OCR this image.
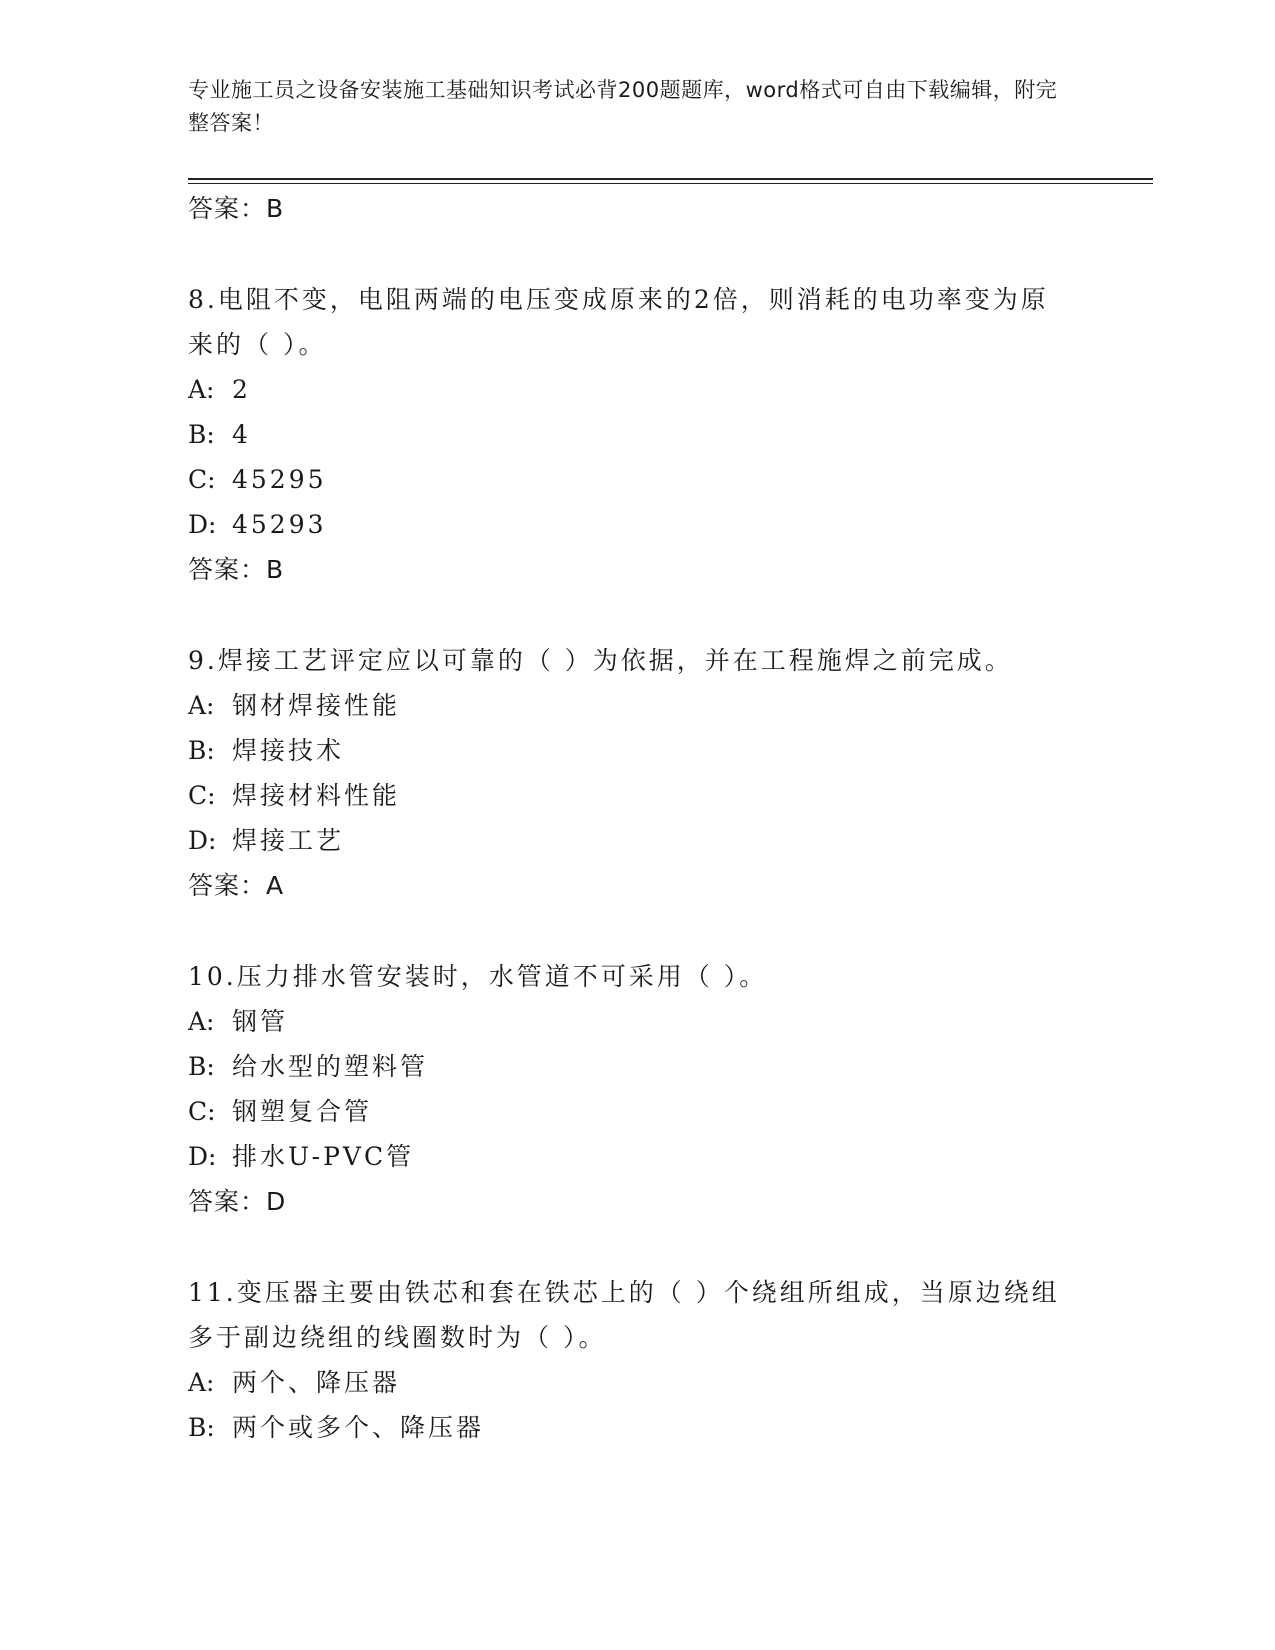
专业施工员之设备安装施工基础知识考试必背200题题库，word格式可自由下载编辑，附完整答案！
答案：B
8.电阻不变，电阻两端的电压变成原来的2倍，则消耗的电功率变为原来的（ ）。
A: 2
B: 4
C: 45295
D: 45293
答案：B
9.焊接工艺评定应以可靠的（ ）为依据，并在工程施焊之前完成。
A: 钢材焊接性能
B: 焊接技术
C: 焊接材料性能
D: 焊接工艺
答案：A
10.压力排水管安装时，水管道不可采用（ ）。
A: 钢管
B: 给水型的塑料管
C: 钢塑复合管
D: 排水U-PVC管
答案：D
11.变压器主要由铁芯和套在铁芯上的（ ）个绕组所组成，当原边绕组多于副边绕组的线圈数时为（ ）。
A: 两个、降压器
B: 两个或多个、降压器
